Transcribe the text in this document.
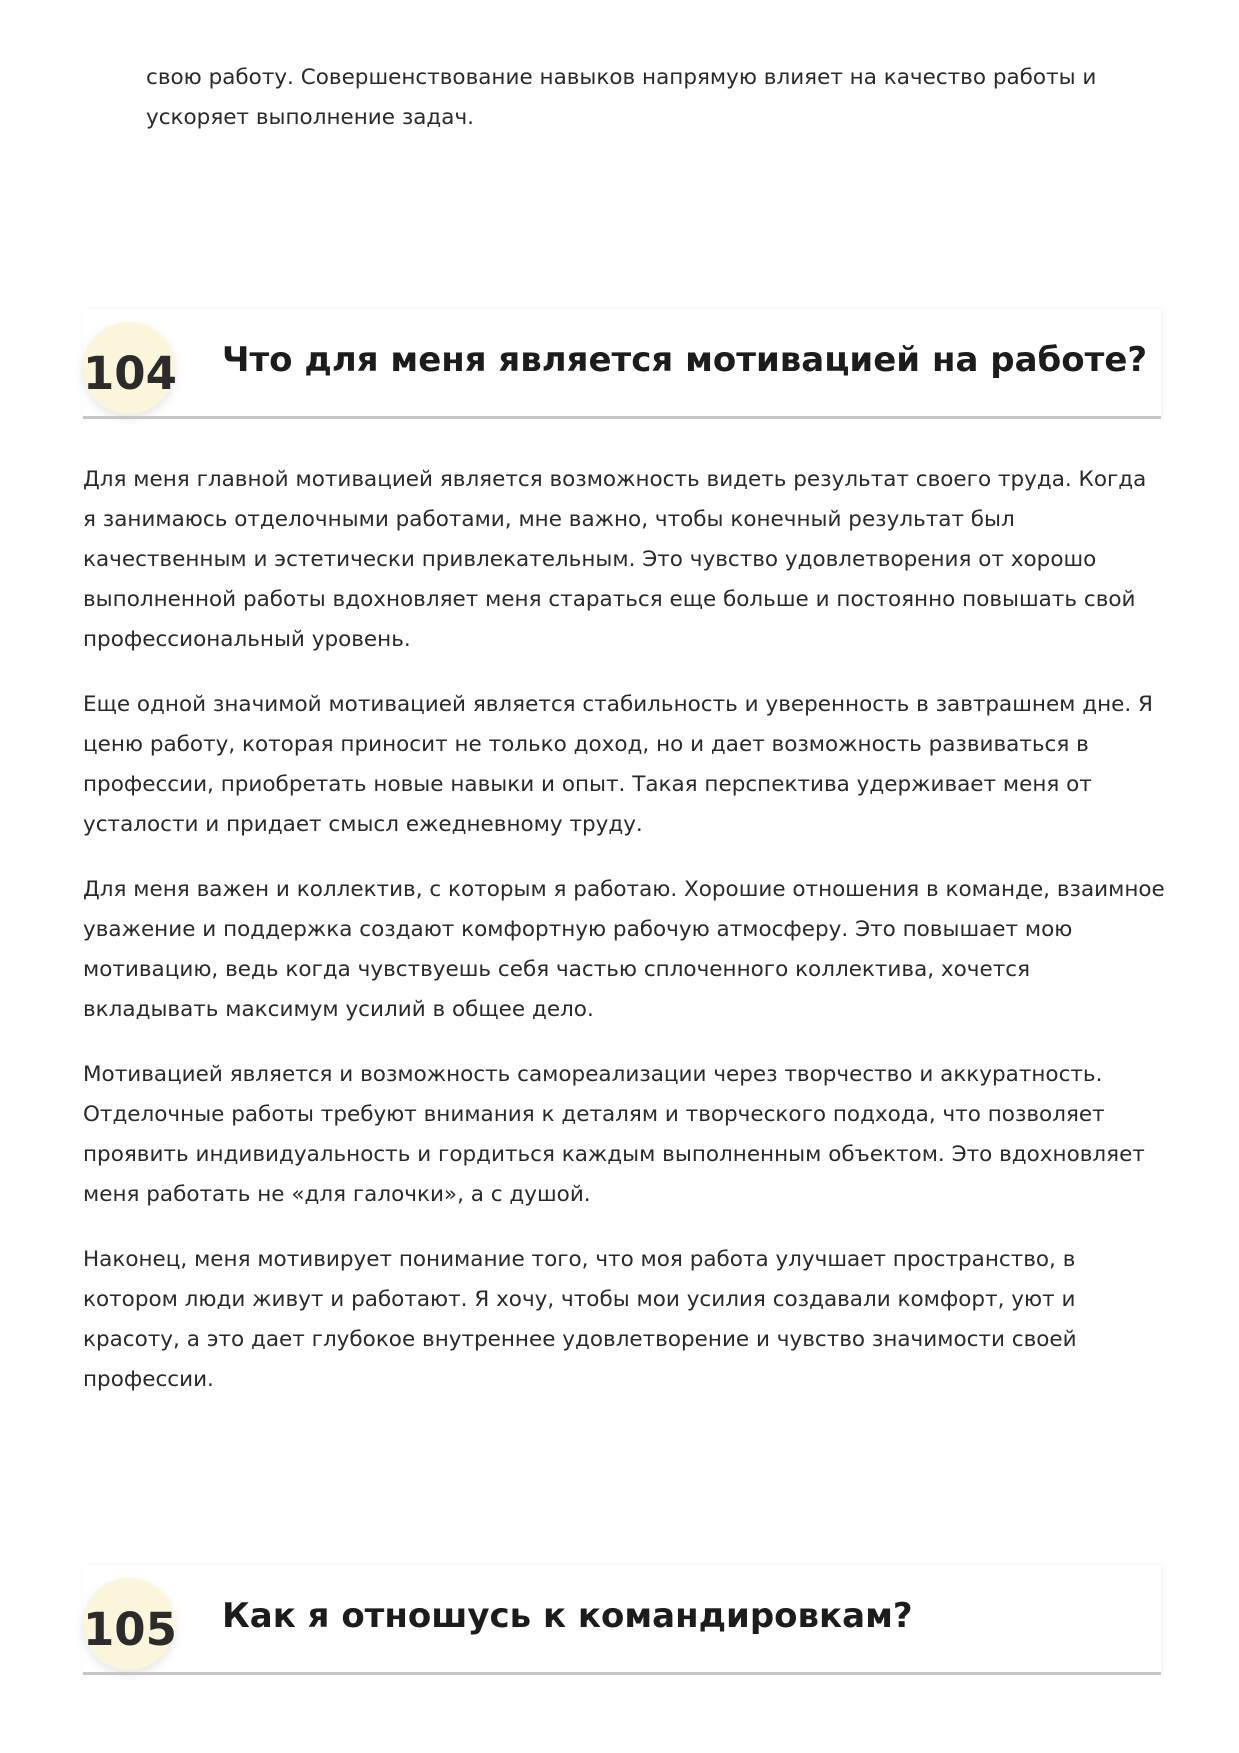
свою работу. Совершенствование навыков напрямую влияет на качество работы и ускоряет выполнение задач.

104 Что для меня является мотивацией на работе?

Для меня главной мотивацией является возможность видеть результат своего труда. Когда я занимаюсь отделочными работами, мне важно, чтобы конечный результат был качественным и эстетически привлекательным. Это чувство удовлетворения от хорошо выполненной работы вдохновляет меня стараться еще больше и постоянно повышать свой профессиональный уровень.

Еще одной значимой мотивацией является стабильность и уверенность в завтрашнем дне. Я ценю работу, которая приносит не только доход, но и дает возможность развиваться в профессии, приобретать новые навыки и опыт. Такая перспектива удерживает меня от усталости и придает смысл ежедневному труду.

Для меня важен и коллектив, с которым я работаю. Хорошие отношения в команде, взаимное уважение и поддержка создают комфортную рабочую атмосферу. Это повышает мою мотивацию, ведь когда чувствуешь себя частью сплоченного коллектива, хочется вкладывать максимум усилий в общее дело.

Мотивацией является и возможность самореализации через творчество и аккуратность. Отделочные работы требуют внимания к деталям и творческого подхода, что позволяет проявить индивидуальность и гордиться каждым выполненным объектом. Это вдохновляет меня работать не «для галочки», а с душой.

Наконец, меня мотивирует понимание того, что моя работа улучшает пространство, в котором люди живут и работают. Я хочу, чтобы мои усилия создавали комфорт, уют и красоту, а это дает глубокое внутреннее удовлетворение и чувство значимости своей профессии.

105 Как я отношусь к командировкам?
